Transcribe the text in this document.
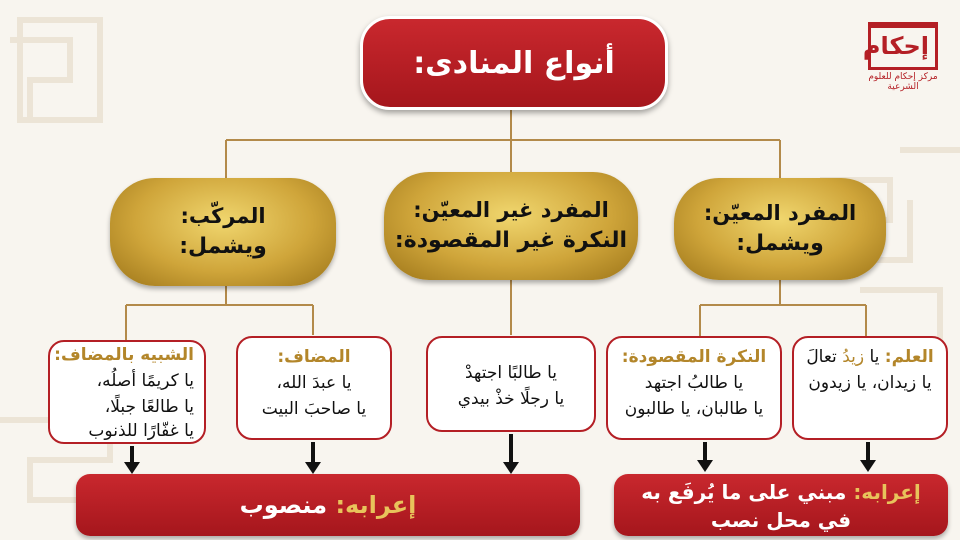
أنواع المنادى:	إحكام
مركز إحكام للعلوم الشرعية
المفرد المعيّن:
ويشمل:
المفرد غير المعيّن:
النكرة غير المقصودة:
المركّب:
ويشمل:
العلم: يا زيدُ تعالَ
يا زيدان، يا زيدون
النكرة المقصودة:
يا طالبُ اجتهد
يا طالبان، يا طالبون
يا طالبًا اجتهدْ
يا رجلًا خذْ بيدي
المضاف:
يا عبدَ الله،
يا صاحبَ البيت
الشبيه بالمضاف:
يا كريمًا أصلُه،
يا طالعًا جبلًا،
يا غفّارًا للذنوب
إعرابه: منصوب	إعرابه: مبني على ما يُرفَع به
في محل نصب
